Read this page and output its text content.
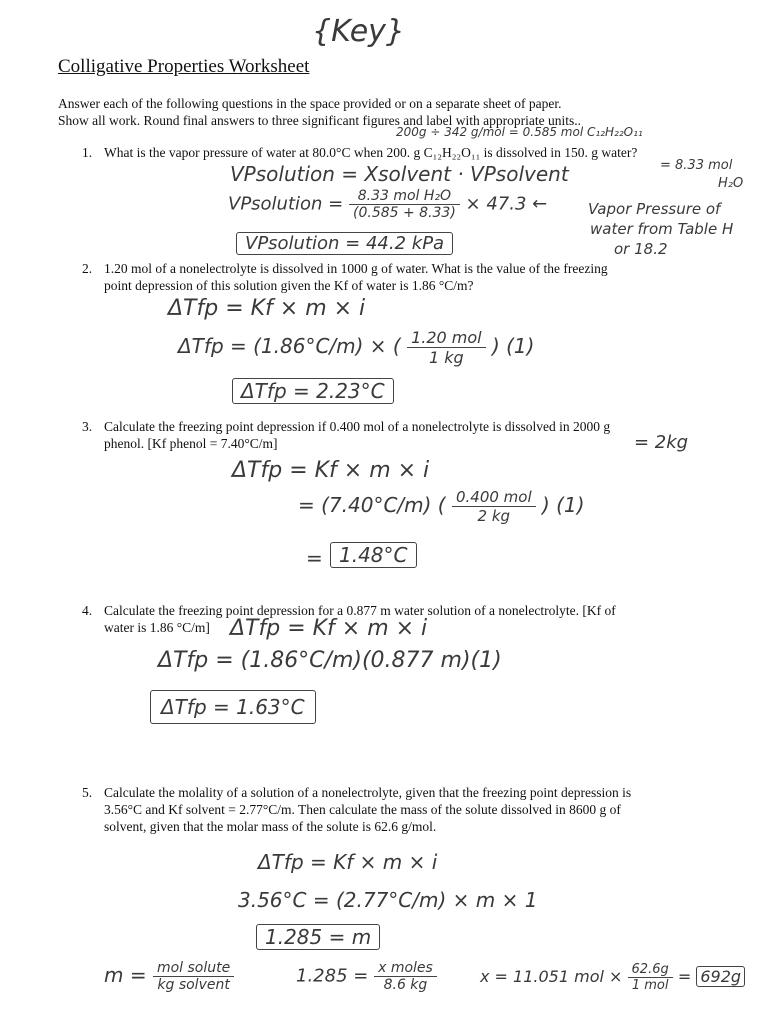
{Key}
Colligative Properties Worksheet
Answer each of the following questions in the space provided or on a separate sheet of paper.
Show all work. Round final answers to three significant figures and label with appropriate units..
1. What is the vapor pressure of water at 80.0°C when 200. g C₁₂H₂₂O₁₁ is dissolved in 150. g water?
200g ÷ 342 g/mol = 0.585 mol C₁₂H₂₂O₁₁
= 8.33 mol
H₂O
VPsolution = Xsolvent · VPsolvent
VPsolution = $\frac{\text{8.33 mol H₂O}}{(0.585 + 8.33)} \times 47.3$ ←	Vapor Pressure of
water from Table H
or 18.2
VPsolution = 44.2 kPa
2. 1.20 mol of a nonelectrolyte is dissolved in 1000 g of water. What is the value of the freezing
point depression of this solution given the Kf of water is 1.86 °C/m?
ΔTfp = Kf × m × i
ΔTfp = (1.86°C/m) × ( $\frac{\text{1.20 mol}}{1 kg}$ ) (1)
ΔTfp = 2.23°C
3. Calculate the freezing point depression if 0.400 mol of a nonelectrolyte is dissolved in 2000 g
phenol. [Kf phenol = 7.40°C/m]	= 2kg
ΔTfp = Kf × m × i
= (7.40°C/m) ( $\frac{\text{0.400 mol}}{2 kg}$ ) (1)
= 1.48°C
4. Calculate the freezing point depression for a 0.877 m water solution of a nonelectrolyte. [Kf of
water is 1.86 °C/m] ΔTfp = Kf × m × i
ΔTfp = (1.86°C/m)(0.877 m)(1)
ΔTfp = 1.63°C
5. Calculate the molality of a solution of a nonelectrolyte, given that the freezing point depression is
3.56°C and Kf solvent = 2.77°C/m. Then calculate the mass of the solute dissolved in 8600 g of
solvent, given that the molar mass of the solute is 62.6 g/mol.
ΔTfp = Kf × m × i
3.56°C = (2.77°C/m) × m × 1
1.285 = m
$m = \frac{\text{mol solute}}{\text{kg solvent}}$	$1.285 = \frac{\text{x moles}}{8.6 kg}$	x = 11.051 mol × $\frac{62.6g}{\text{1 mol}} = 692g$
